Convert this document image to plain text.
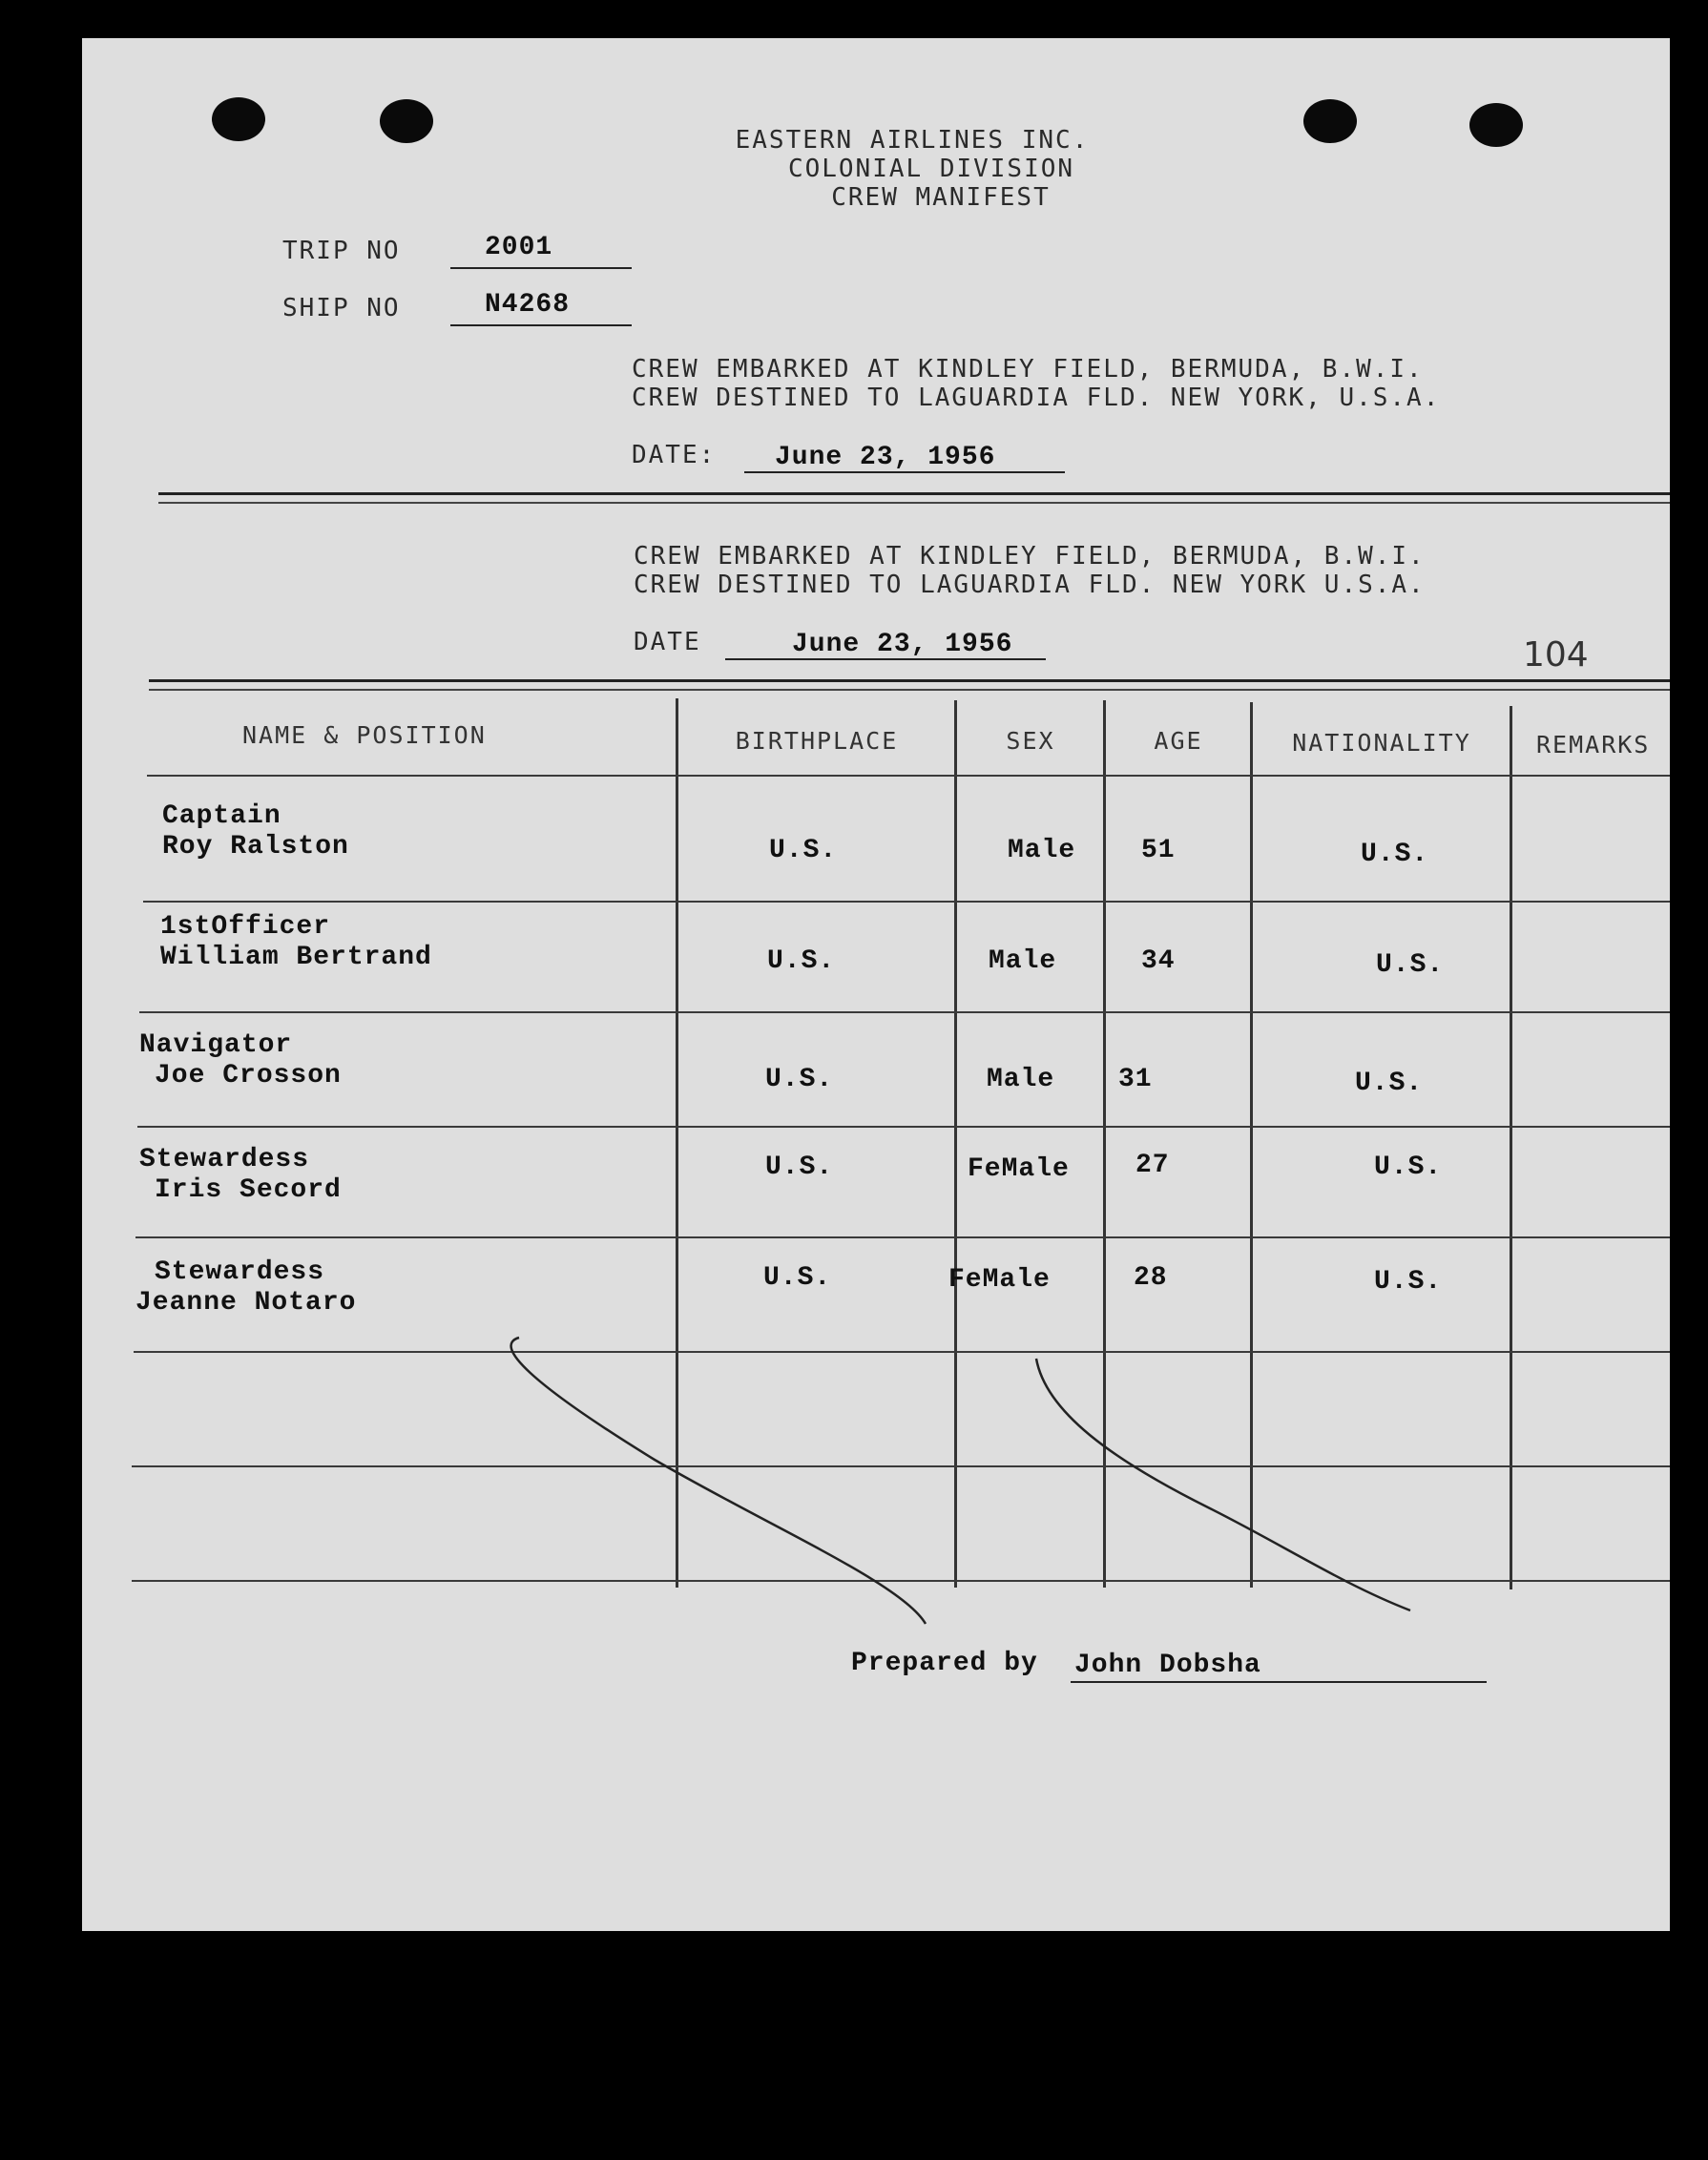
EASTERN AIRLINES INC.
COLONIAL DIVISION
CREW MANIFEST
TRIP NO	2001
SHIP NO	N4268
CREW EMBARKED AT KINDLEY FIELD, BERMUDA, B.W.I.
CREW DESTINED TO LAGUARDIA FLD. NEW YORK, U.S.A.
DATE: June 23, 1956
CREW EMBARKED AT KINDLEY FIELD, BERMUDA, B.W.I.
CREW DESTINED TO LAGUARDIA FLD. NEW YORK U.S.A.
DATE	June 23, 1956	104
NAME & POSITION	BIRTHPLACE	SEX	AGE	NATIONALITY	REMARKS
Captain
Roy Ralston	U.S.	Male 51	U.S.
1stOfficer
William Bertrand	U.S.	Male	34	U.S.
Navigator
Joe Crosson	U.S.	Male 31	U.S.
Stewardess
Iris Secord
U.S.	FeMale 27	U.S.
Stewardess
Jeanne Notaro
U.S.	FeMale	28	U.S.
Prepared by John Dobsha
